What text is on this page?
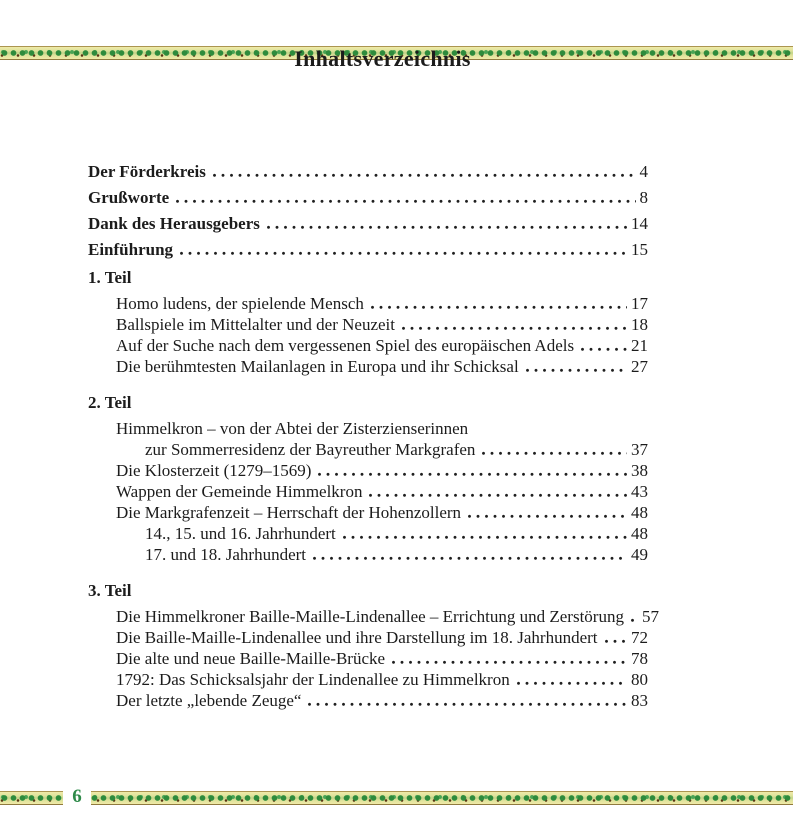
Inhaltsverzeichnis
Der Förderkreis	4
Grußworte	8
Dank des Herausgebers	14
Einführung	15
1. Teil
Homo ludens, der spielende Mensch	17
Ballspiele im Mittelalter und der Neuzeit	18
Auf der Suche nach dem vergessenen Spiel des europäischen Adels	21
Die berühmtesten Mailanlagen in Europa und ihr Schicksal	27
2. Teil
Himmelkron – von der Abtei der Zisterzienserinnen
zur Sommerresidenz der Bayreuther Markgrafen	37
Die Klosterzeit (1279–1569)	38
Wappen der Gemeinde Himmelkron	43
Die Markgrafenzeit – Herrschaft der Hohenzollern	48
14., 15. und 16. Jahrhundert	48
17. und 18. Jahrhundert	49
3. Teil
Die Himmelkroner Baille-Maille-Lindenallee – Errichtung und Zerstörung 57
Die Baille-Maille-Lindenallee und ihre Darstellung im 18. Jahrhundert 72
Die alte und neue Baille-Maille-Brücke	78
1792: Das Schicksalsjahr der Lindenallee zu Himmelkron	80
Der letzte „lebende Zeuge“	83
6
